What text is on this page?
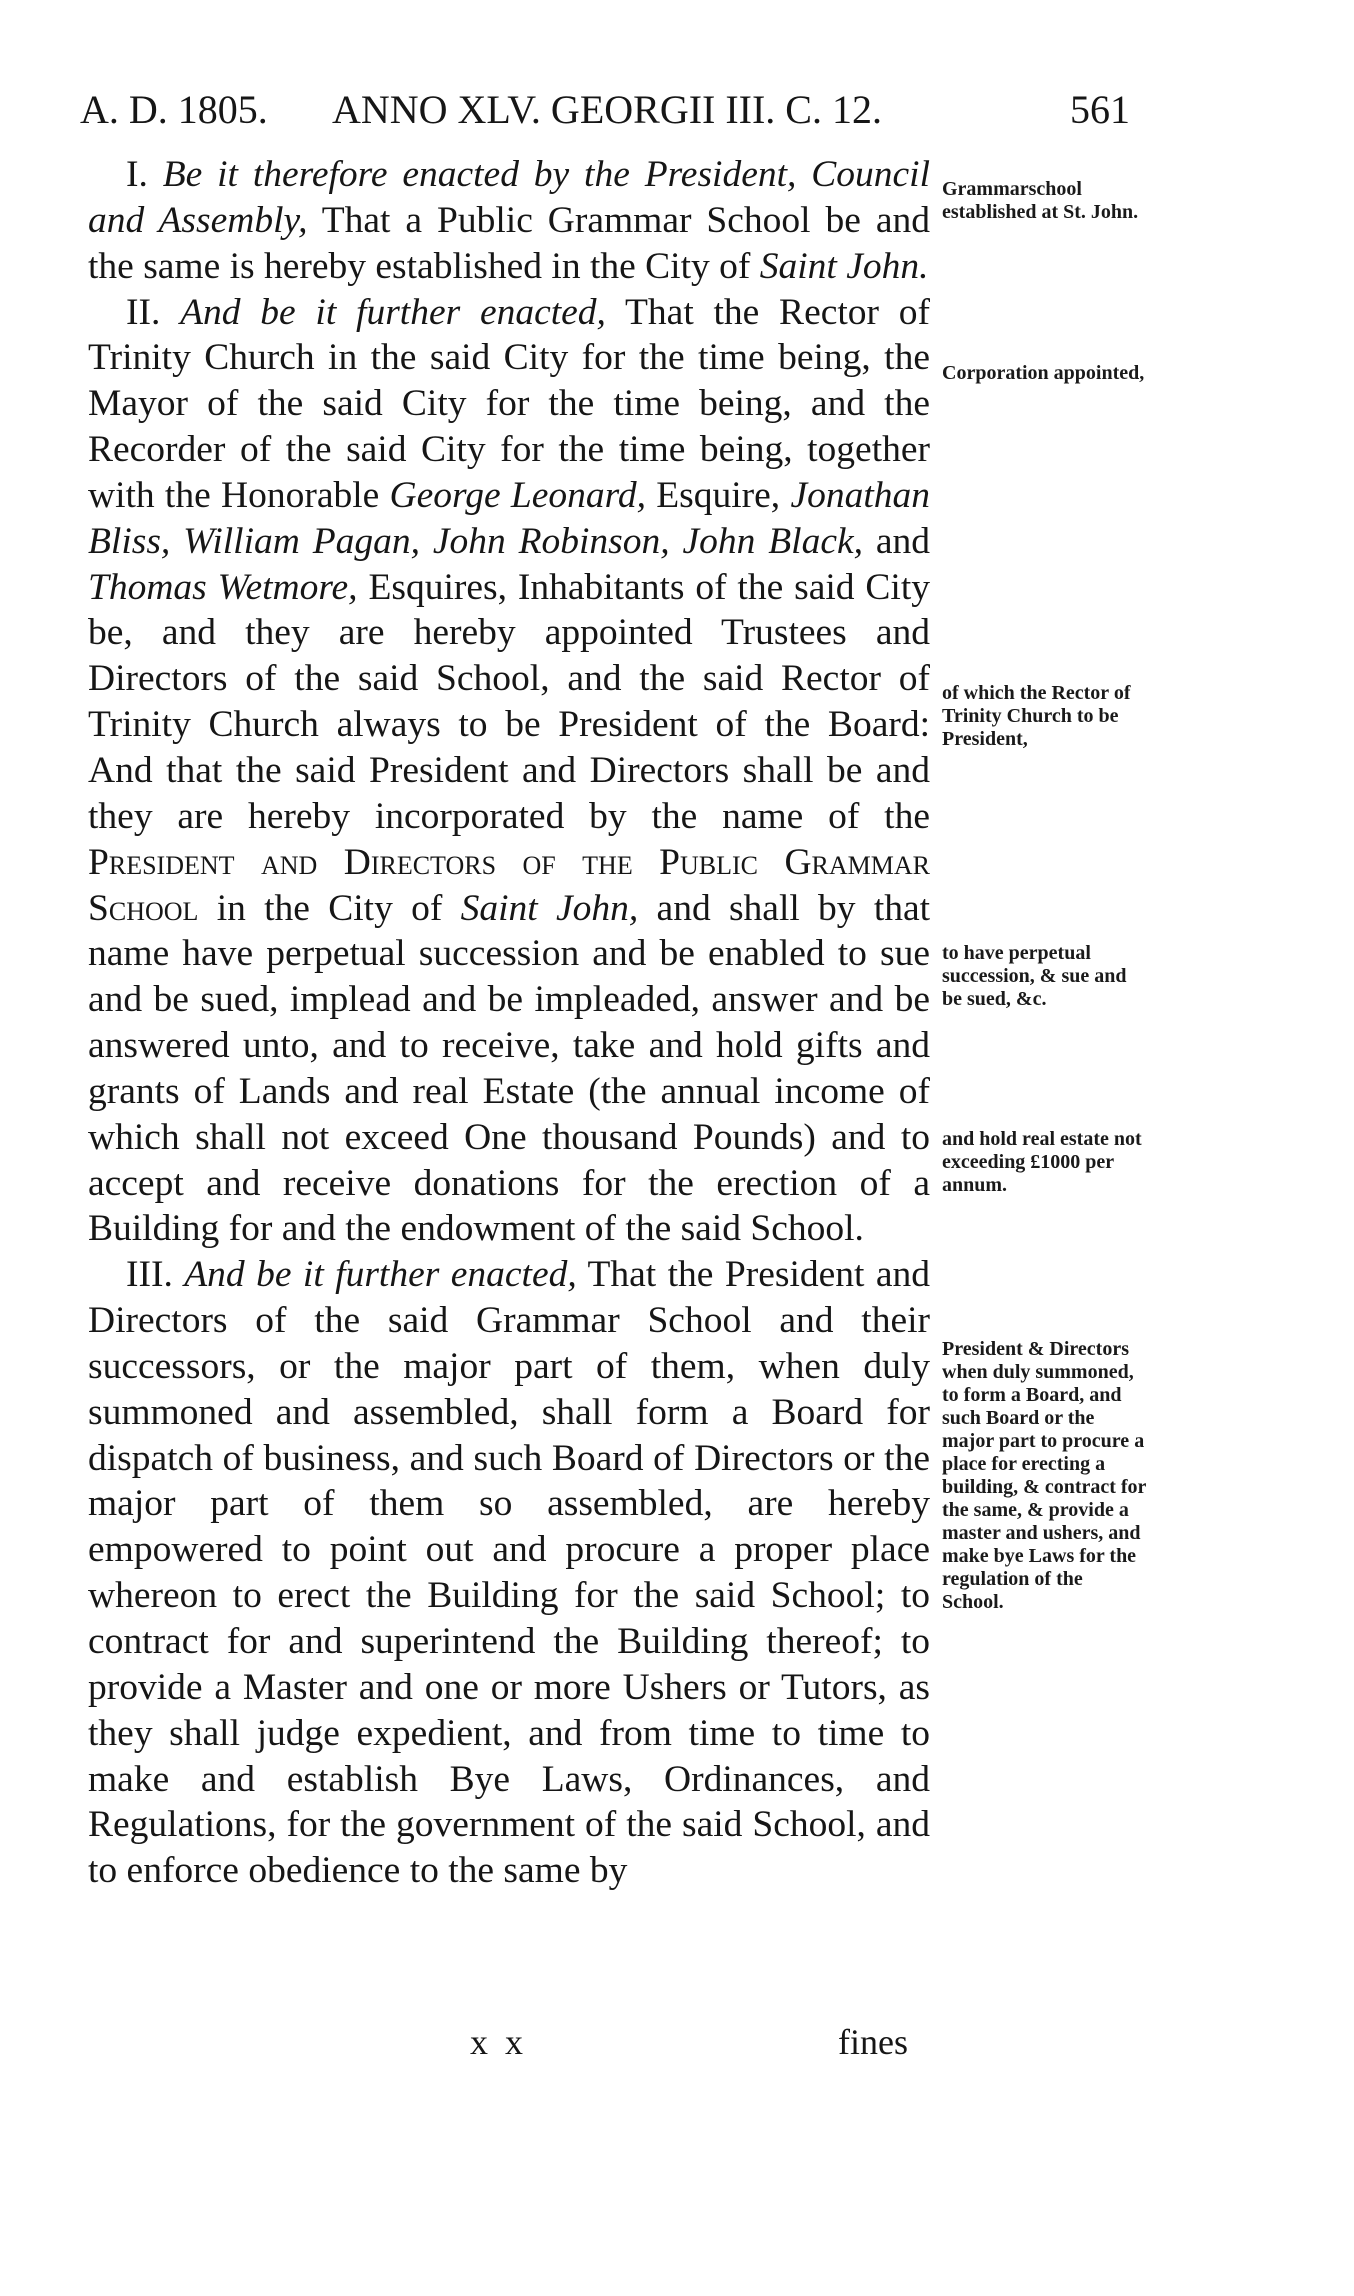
A. D. 1805. ANNO XLV. GEORGII III. C. 12.	561

I. Be it therefore enacted by the President, Council and Assembly, That a Public Grammar School be and the same is hereby established in the City of Saint John.

II. And be it further enacted, That the Rector of Trinity Church in the said City for the time being, the Mayor of the said City for the time being, and the Recorder of the said City for the time being, together with the Honorable George Leonard, Esquire, Jonathan Bliss, William Pagan, John Robinson, John Black, and Thomas Wetmore, Esquires, Inhabitants of the said City be, and they are hereby appointed Trustees and Directors of the said School, and the said Rector of Trinity Church always to be President of the Board: And that the said President and Directors shall be and they are hereby incorporated by the name of the President and Directors of the Public Grammar School in the City of Saint John, and shall by that name have perpetual succession and be enabled to sue and be sued, implead and be impleaded, answer and be answered unto, and to receive, take and hold gifts and grants of Lands and real Estate (the annual income of which shall not exceed One thousand Pounds) and to accept and receive donations for the erection of a Building for and the endowment of the said School.

III. And be it further enacted, That the President and Directors of the said Grammar School and their successors, or the major part of them, when duly summoned and assembled, shall form a Board for dispatch of business, and such Board of Directors or the major part of them so assembled, are hereby empowered to point out and procure a proper place whereon to erect the Building for the said School; to contract for and superintend the Building thereof; to provide a Master and one or more Ushers or Tutors, as they shall judge expedient, and from time to time to make and establish Bye Laws, Ordinances, and Regulations, for the government of the said School, and to enforce obedience to the same by

x x	fines
Grammarschool established at St. John.
Corporation appointed,
of which the Rector of Trinity Church to be President,
to have perpetual succession, & sue and be sued, &c.
and hold real estate not exceeding £1000 per annum.
President & Directors when duly summoned, to form a Board, and such Board or the major part to procure a place for erecting a building, & contract for the same, & provide a master and ushers, and make bye Laws for the regulation of the School.
